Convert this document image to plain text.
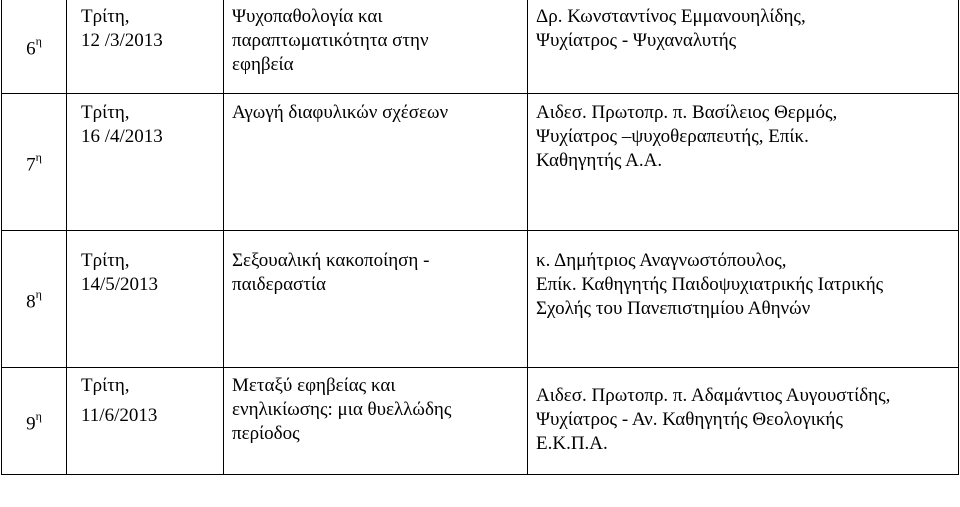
$6^\eta$	Τρίτη,
12 /3/2013	Ψυχοπαθολογία και
παραπτωματικότητα στην
εφηβεία	Δρ. Κωνσταντίνος Εμμανουηλίδης,
Ψυχίατρος - Ψυχαναλυτής

$7^\eta$	Τρίτη,
16 /4/2013	Αγωγή διαφυλικών σχέσεων	Αιδεσ. Πρωτοπρ. π. Βασίλειος Θερμός,
Ψυχίατρος –ψυχοθεραπευτής, Επίκ.
Καθηγητής Α.Α.

$8^\eta$	Τρίτη,
14/5/2013	Σεξουαλική κακοποίηση -
παιδεραστία	κ. Δημήτριος Αναγνωστόπουλος,
Επίκ. Καθηγητής Παιδοψυχιατρικής Ιατρικής
Σχολής του Πανεπιστημίου Αθηνών

$9^\eta$	Τρίτη,
11/6/2013	Μεταξύ εφηβείας και
ενηλικίωσης: μια θυελλώδης
περίοδος	Αιδεσ. Πρωτοπρ. π. Αδαμάντιος Αυγουστίδης,
Ψυχίατρος - Αν. Καθηγητής Θεολογικής
Ε.Κ.Π.Α.
